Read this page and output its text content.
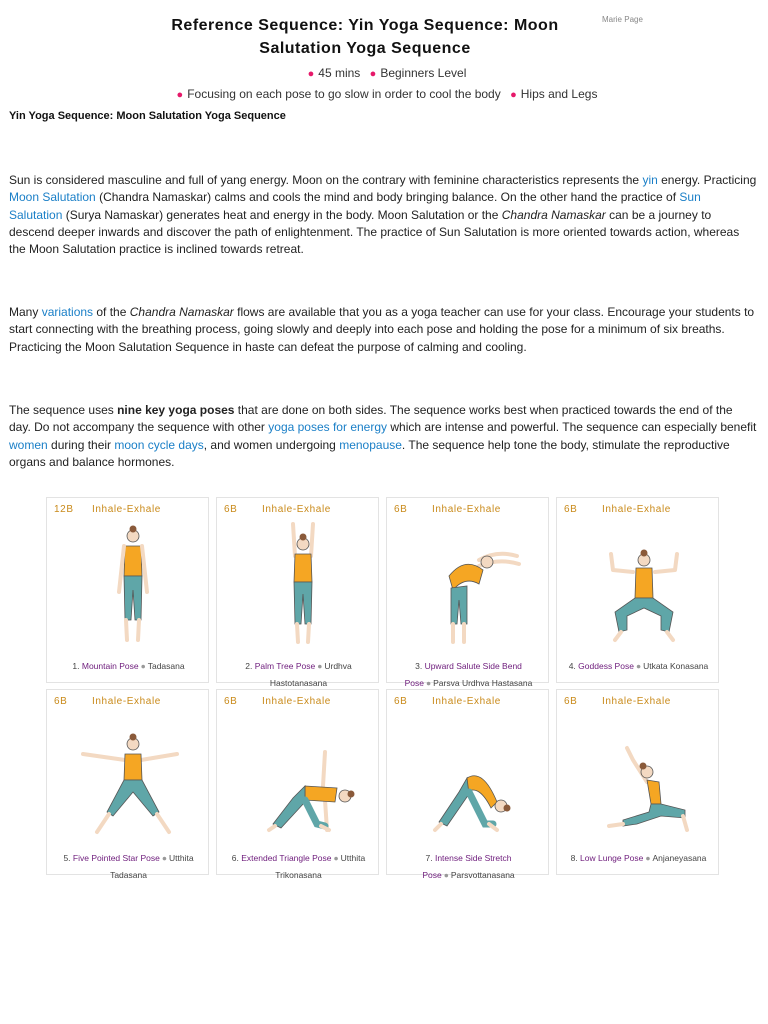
Marie Page
Reference Sequence: Yin Yoga Sequence: Moon Salutation Yoga Sequence
● 45 mins ● Beginners Level
● Focusing on each pose to go slow in order to cool the body ● Hips and Legs
Yin Yoga Sequence: Moon Salutation Yoga Sequence
Sun is considered masculine and full of yang energy. Moon on the contrary with feminine characteristics represents the yin energy. Practicing Moon Salutation (Chandra Namaskar) calms and cools the mind and body bringing balance. On the other hand the practice of Sun Salutation (Surya Namaskar) generates heat and energy in the body. Moon Salutation or the Chandra Namaskar can be a journey to descend deeper inwards and discover the path of enlightenment. The practice of Sun Salutation is more oriented towards action, whereas the Moon Salutation practice is inclined towards retreat.
Many variations of the Chandra Namaskar flows are available that you as a yoga teacher can use for your class. Encourage your students to start connecting with the breathing process, going slowly and deeply into each pose and holding the pose for a minimum of six breaths. Practicing the Moon Salutation Sequence in haste can defeat the purpose of calming and cooling.
The sequence uses nine key yoga poses that are done on both sides. The sequence works best when practiced towards the end of the day. Do not accompany the sequence with other yoga poses for energy which are intense and powerful. The sequence can especially benefit women during their moon cycle days, and women undergoing menopause. The sequence help tone the body, stimulate the reproductive organs and balance hormones.
12B Inhale-Exhale
1. Mountain Pose ● Tadasana
6B Inhale-Exhale
2. Palm Tree Pose ● Urdhva Hastotanasana
6B Inhale-Exhale
3. Upward Salute Side Bend Pose ● Parsva Urdhva Hastasana
6B Inhale-Exhale
4. Goddess Pose ● Utkata Konasana
6B Inhale-Exhale
5. Five Pointed Star Pose ● Utthita Tadasana
6B Inhale-Exhale
6. Extended Triangle Pose ● Utthita Trikonasana
6B Inhale-Exhale
7. Intense Side Stretch Pose ● Parsvottanasana
6B Inhale-Exhale
8. Low Lunge Pose ● Anjaneyasana
